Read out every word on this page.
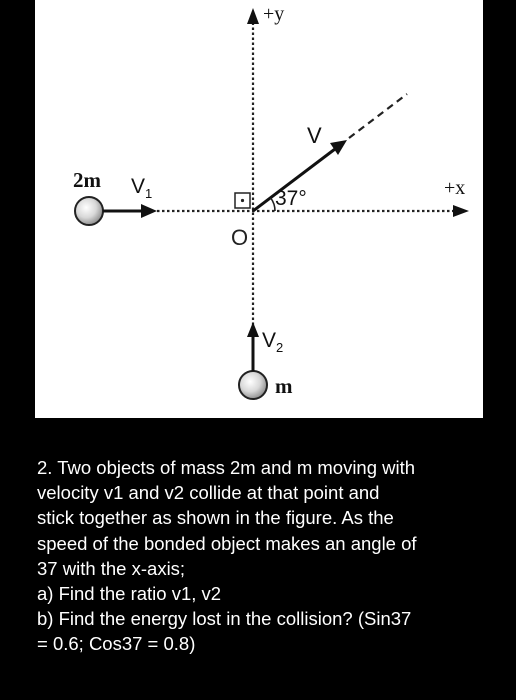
+y
+x
O
V
37°
2m $V_1$
m
$V_2$
2. Two objects of mass 2m and m moving with
velocity v1 and v2 collide at that point and
stick together as shown in the figure. As the
speed of the bonded object makes an angle of
37 with the x-axis;
a) Find the ratio v1, v2
b) Find the energy lost in the collision? (Sin37
= 0.6; Cos37 = 0.8)
